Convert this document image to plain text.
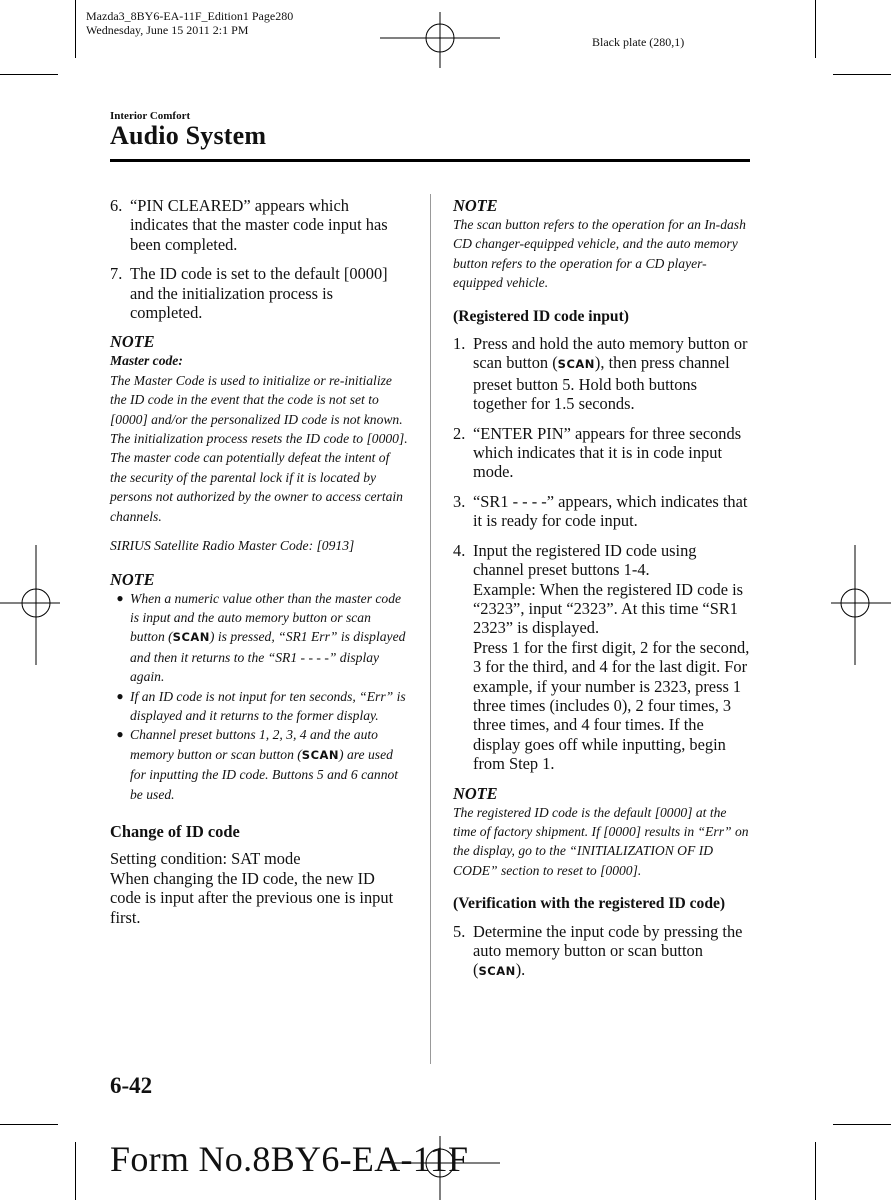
Mazda3_8BY6-EA-11F_Edition1 Page280
Wednesday, June 15 2011 2:1 PM
Black plate (280,1)
Interior Comfort
Audio System
6. “PIN CLEARED” appears which indicates that the master code input has been completed.
7. The ID code is set to the default [0000] and the initialization process is completed.
NOTE
Master code:
The Master Code is used to initialize or re-initialize the ID code in the event that the code is not set to [0000] and/or the personalized ID code is not known. The initialization process resets the ID code to [0000]. The master code can potentially defeat the intent of the security of the parental lock if it is located by persons not authorized by the owner to access certain channels.
SIRIUS Satellite Radio Master Code: [0913]
NOTE
● When a numeric value other than the master code is input and the auto memory button or scan button (SCAN) is pressed, “SR1 Err” is displayed and then it returns to the “SR1 - - - -” display again.
● If an ID code is not input for ten seconds, “Err” is displayed and it returns to the former display.
● Channel preset buttons 1, 2, 3, 4 and the auto memory button or scan button (SCAN) are used for inputting the ID code. Buttons 5 and 6 cannot be used.
Change of ID code
Setting condition: SAT mode
When changing the ID code, the new ID code is input after the previous one is input first.
NOTE
The scan button refers to the operation for an In-dash CD changer-equipped vehicle, and the auto memory button refers to the operation for a CD player-equipped vehicle.
(Registered ID code input)
1. Press and hold the auto memory button or scan button (SCAN), then press channel preset button 5. Hold both buttons together for 1.5 seconds.
2. “ENTER PIN” appears for three seconds which indicates that it is in code input mode.
3. “SR1 - - - -” appears, which indicates that it is ready for code input.
4. Input the registered ID code using channel preset buttons 1-4.
Example: When the registered ID code is “2323”, input “2323”. At this time “SR1 2323” is displayed.
Press 1 for the first digit, 2 for the second, 3 for the third, and 4 for the last digit. For example, if your number is 2323, press 1 three times (includes 0), 2 four times, 3 three times, and 4 four times. If the display goes off while inputting, begin from Step 1.
NOTE
The registered ID code is the default [0000] at the time of factory shipment. If [0000] results in “Err” on the display, go to the “INITIALIZATION OF ID CODE” section to reset to [0000].
(Verification with the registered ID code)
5. Determine the input code by pressing the auto memory button or scan button (SCAN).
6-42
Form No.8BY6-EA-11F
